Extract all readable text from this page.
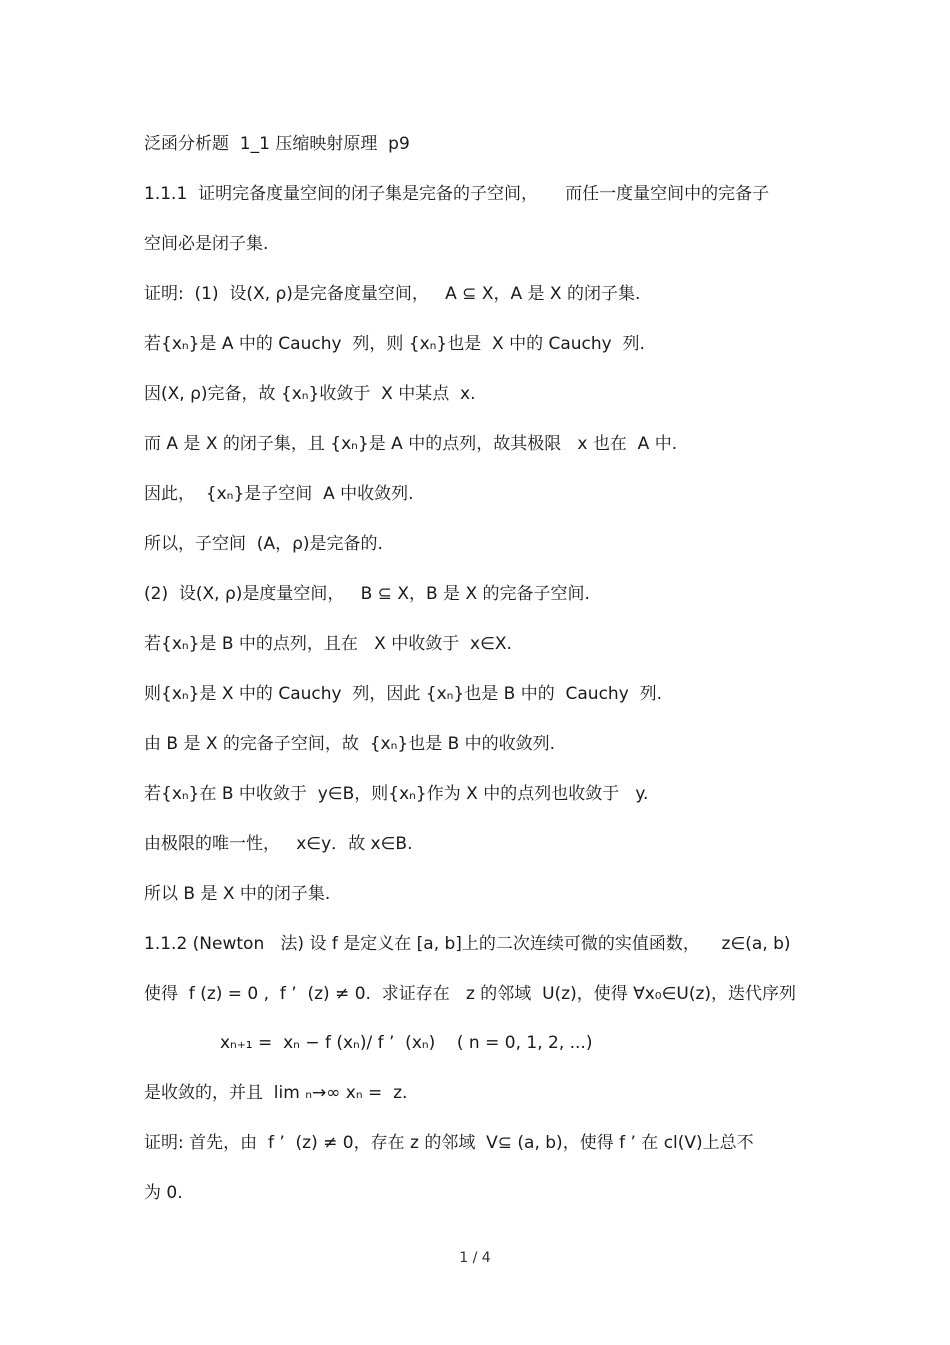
泛函分析题  1_1 压缩映射原理  p9
1.1.1  证明完备度量空间的闭子集是完备的子空间，     而任一度量空间中的完备子
空间必是闭子集.
证明:  (1)  设(X, ρ)是完备度量空间，   A ⊆ X，A 是 X 的闭子集.
若{xₙ}是 A 中的 Cauchy  列，则 {xₙ}也是  X 中的 Cauchy  列.
因(X, ρ)完备，故 {xₙ}收敛于  X 中某点  x.
而 A 是 X 的闭子集，且 {xₙ}是 A 中的点列，故其极限   x 也在  A 中.
因此，  {xₙ}是子空间  A 中收敛列.
所以，子空间  (A，ρ)是完备的.
(2)  设(X, ρ)是度量空间，   B ⊆ X，B 是 X 的完备子空间.
若{xₙ}是 B 中的点列，且在   X 中收敛于  x∈X.
则{xₙ}是 X 中的 Cauchy  列，因此 {xₙ}也是 B 中的  Cauchy  列.
由 B 是 X 的完备子空间，故  {xₙ}也是 B 中的收敛列.
若{xₙ}在 B 中收敛于  y∈B，则{xₙ}作为 X 中的点列也收敛于   y.
由极限的唯一性，   x∈y．故 x∈B.
所以 B 是 X 中的闭子集.
1.1.2 (Newton   法) 设 f 是定义在 [a, b]上的二次连续可微的实值函数，    z∈(a, b)
使得  f (z) = 0 ,  f ’  (z) ≠ 0.  求证存在   z 的邻域  U(z)，使得 ∀x₀∈U(z)，迭代序列
xₙ₊₁ =  xₙ − f (xₙ)/ f ’  (xₙ)    ( n = 0, 1, 2, ...)
是收敛的，并且  lim ₙ→∞ xₙ =  z.
证明: 首先，由  f ’  (z) ≠ 0，存在 z 的邻域  V⊆ (a, b)，使得 f ’ 在 cl(V)上总不
为 0.
1 / 4
